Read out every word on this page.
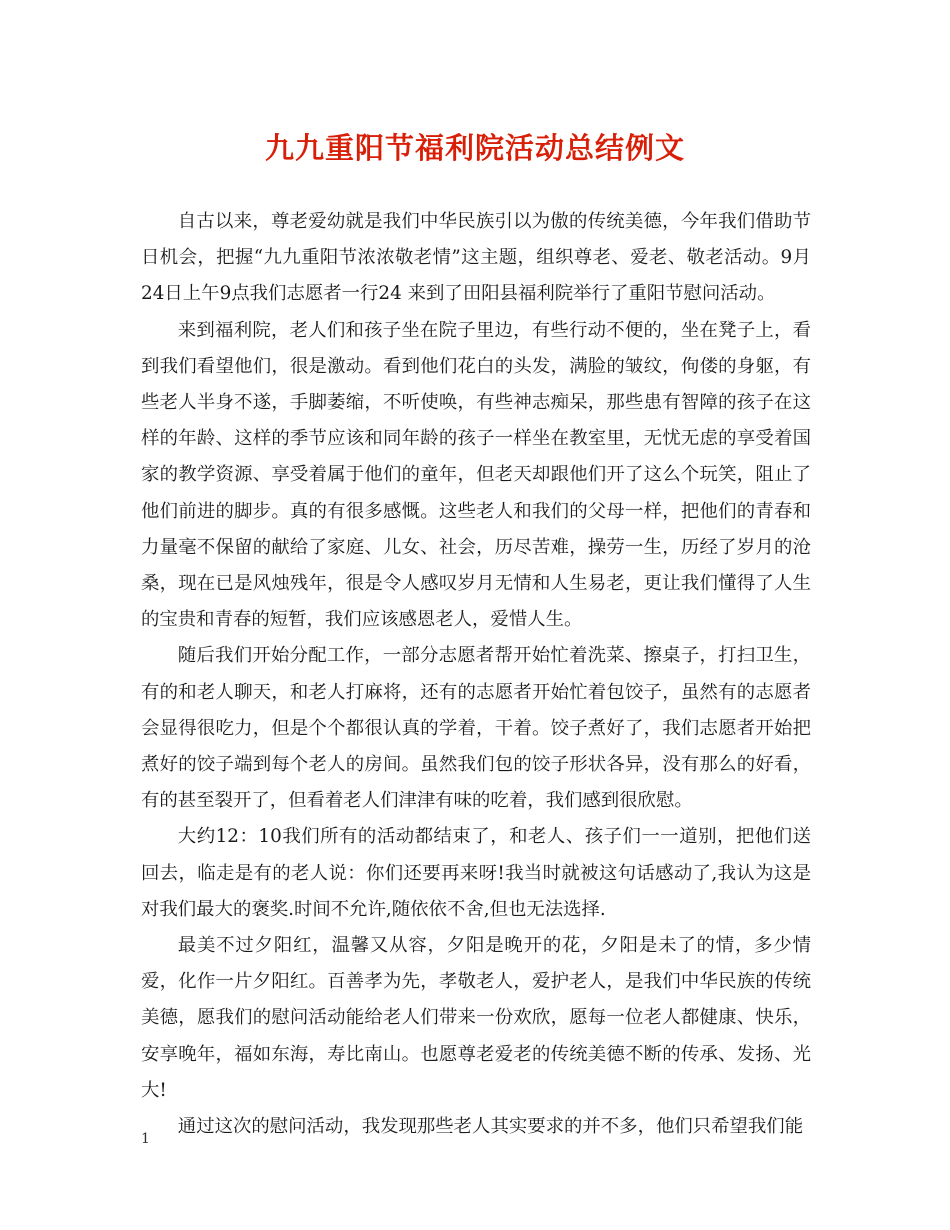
九九重阳节福利院活动总结例文

自古以来，尊老爱幼就是我们中华民族引以为傲的传统美德，今年我们借助节日机会，把握“九九重阳节浓浓敬老情”这主题，组织尊老、爱老、敬老活动。9月24日上午9点我们志愿者一行24 来到了田阳县福利院举行了重阳节慰问活动。

来到福利院，老人们和孩子坐在院子里边，有些行动不便的，坐在凳子上，看到我们看望他们，很是激动。看到他们花白的头发，满脸的皱纹，佝偻的身躯，有些老人半身不遂，手脚萎缩，不听使唤，有些神志痴呆，那些患有智障的孩子在这样的年龄、这样的季节应该和同年龄的孩子一样坐在教室里，无忧无虑的享受着国家的教学资源、享受着属于他们的童年，但老天却跟他们开了这么个玩笑，阻止了他们前进的脚步。真的有很多感慨。这些老人和我们的父母一样，把他们的青春和力量毫不保留的献给了家庭、儿女、社会，历尽苦难，操劳一生，历经了岁月的沧桑，现在已是风烛残年，很是令人感叹岁月无情和人生易老，更让我们懂得了人生的宝贵和青春的短暂，我们应该感恩老人，爱惜人生。

随后我们开始分配工作，一部分志愿者帮开始忙着洗菜、擦桌子，打扫卫生，有的和老人聊天，和老人打麻将，还有的志愿者开始忙着包饺子，虽然有的志愿者会显得很吃力，但是个个都很认真的学着，干着。饺子煮好了，我们志愿者开始把煮好的饺子端到每个老人的房间。虽然我们包的饺子形状各异，没有那么的好看，有的甚至裂开了，但看着老人们津津有味的吃着，我们感到很欣慰。

大约12：10我们所有的活动都结束了，和老人、孩子们一一道别，把他们送回去，临走是有的老人说：你们还要再来呀!我当时就被这句话感动了,我认为这是对我们最大的褒奖.时间不允许,随依依不舍,但也无法选择.

最美不过夕阳红，温馨又从容，夕阳是晚开的花，夕阳是未了的情，多少情爱，化作一片夕阳红。百善孝为先，孝敬老人，爱护老人，是我们中华民族的传统美德，愿我们的慰问活动能给老人们带来一份欢欣，愿每一位老人都健康、快乐，安享晚年，福如东海，寿比南山。也愿尊老爱老的传统美德不断的传承、发扬、光大!

通过这次的慰问活动，我发现那些老人其实要求的并不多，他们只希望我们能

1
